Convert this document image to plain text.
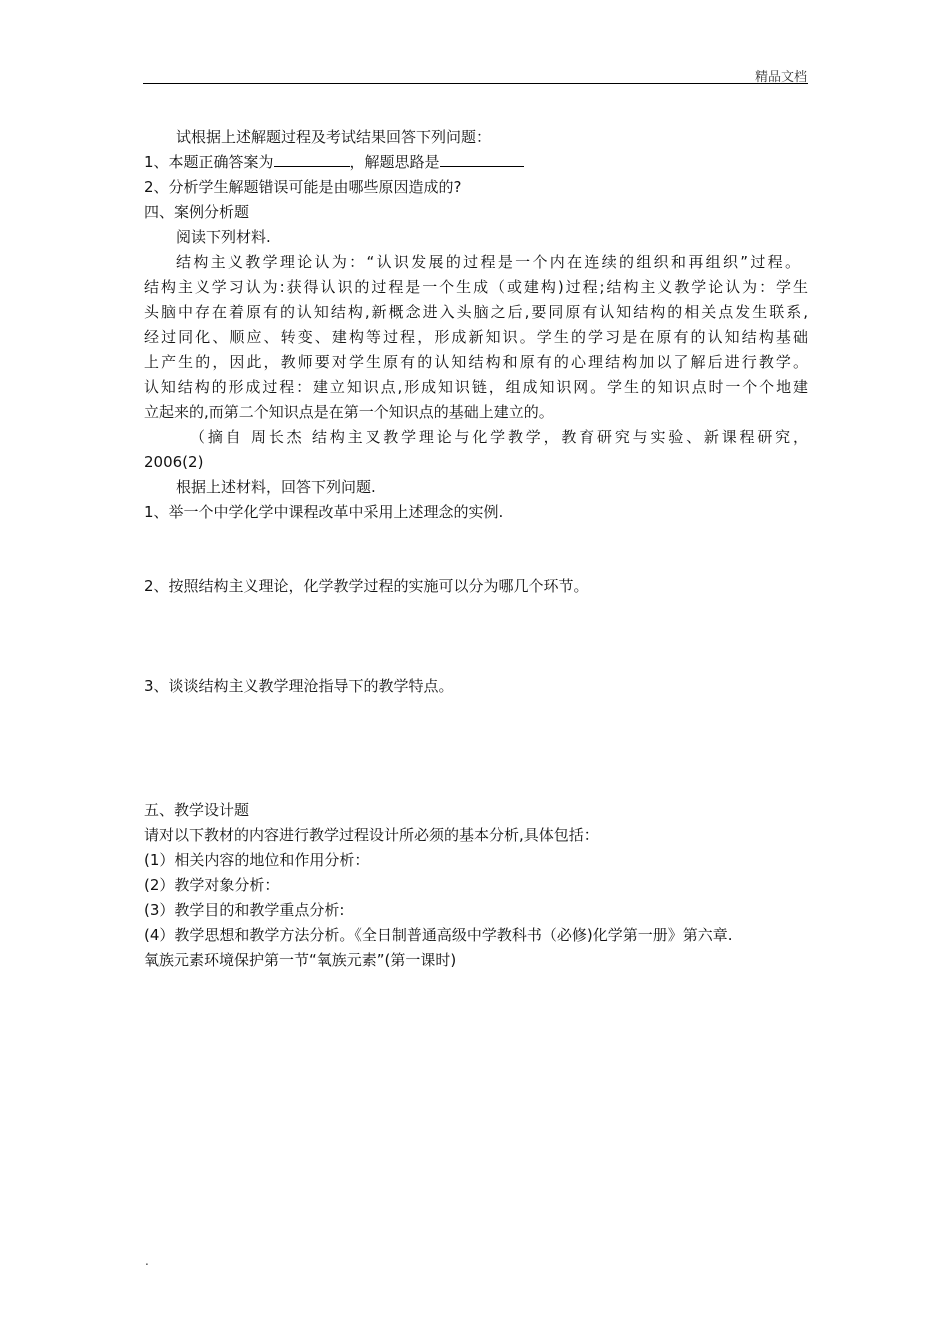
精品文档
试根据上述解题过程及考试结果回答下列问题：
1、本题正确答案为	，解题思路是
2、分析学生解题错误可能是由哪些原因造成的?
四、案例分析题
阅读下列材料.
结构主义教学理论认为：“认识发展的过程是一个内在连续的组织和再组织”过程。
结构主义学习认为:获得认识的过程是一个生成（或建构)过程;结构主义教学论认为：学生
头脑中存在着原有的认知结构,新概念进入头脑之后,要同原有认知结构的相关点发生联系,
经过同化、顺应、转变、建构等过程，形成新知识。学生的学习是在原有的认知结构基础
上产生的，因此，教师要对学生原有的认知结构和原有的心理结构加以了解后进行教学。
认知结构的形成过程：建立知识点,形成知识链，组成知识网。学生的知识点时一个个地建
立起来的,而第二个知识点是在第一个知识点的基础上建立的。
（摘自 周长杰 结构主叉教学理论与化学教学，教育研究与实验、新课程研究，
2006(2)
根据上述材料，回答下列问题.
1、举一个中学化学中课程改革中采用上述理念的实例.
2、按照结构主义理论，化学教学过程的实施可以分为哪几个环节。
3、谈谈结构主义教学理沧指导下的教学特点。
五、教学设计题
请对以下教材的内容进行教学过程设计所必须的基本分析,具体包括：
(1）相关内容的地位和作用分析：
(2）教学对象分析：
(3）教学目的和教学重点分析:
(4）教学思想和教学方法分析。《全日制普通高级中学教科书（必修)化学第一册》第六章.
氧族元素环境保护第一节“氧族元素”(第一课时)
.
